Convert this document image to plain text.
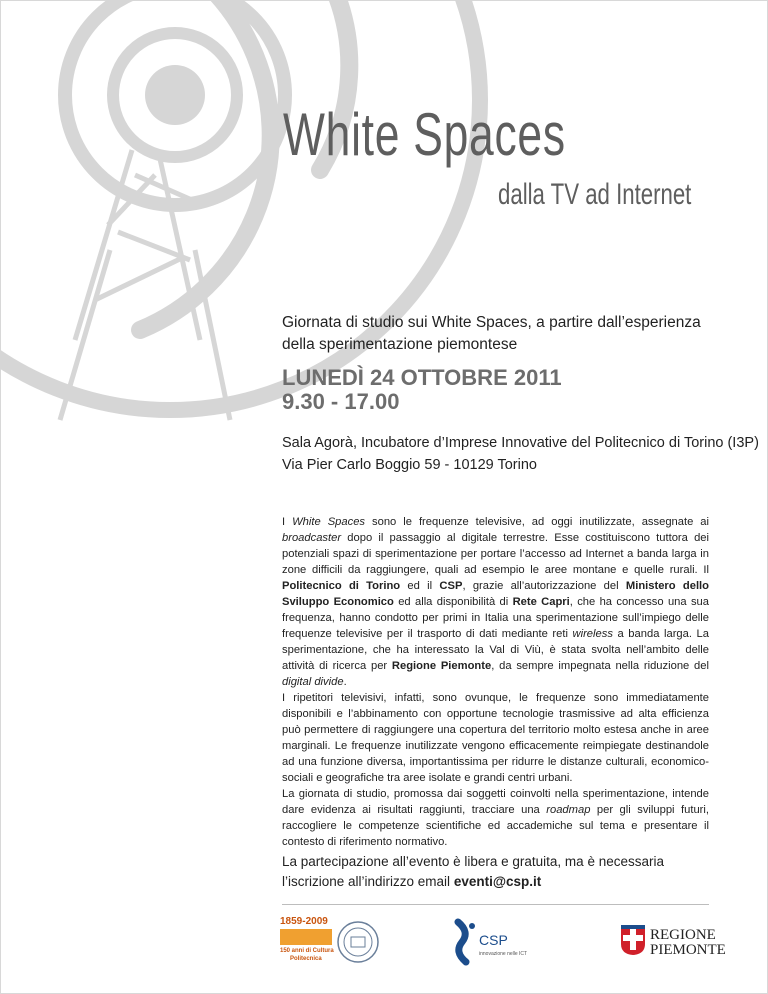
White Spaces
dalla TV ad Internet
Giornata di studio sui White Spaces, a partire dall’esperienza della sperimentazione piemontese
LUNEDÌ 24 OTTOBRE 2011
9.30 - 17.00
Sala Agorà, Incubatore d’Imprese Innovative del Politecnico di Torino (I3P)
Via Pier Carlo Boggio 59 - 10129 Torino

I White Spaces sono le frequenze televisive, ad oggi inutilizzate, assegnate ai broadcaster dopo il passaggio al digitale terrestre. Esse costituiscono tuttora dei potenziali spazi di sperimentazione per portare l’accesso ad Internet a banda larga in zone difficili da raggiungere, quali ad esempio le aree montane e quelle rurali. Il Politecnico di Torino ed il CSP, grazie all’autorizzazione del Ministero dello Sviluppo Economico ed alla disponibilità di Rete Capri, che ha concesso una sua frequenza, hanno condotto per primi in Italia una sperimentazione sull’impiego delle frequenze televisive per il trasporto di dati mediante reti wireless a banda larga. La sperimentazione, che ha interessato la Val di Viù, è stata svolta nell’ambito delle attività di ricerca per Regione Piemonte, da sempre impegnata nella riduzione del digital divide.

I ripetitori televisivi, infatti, sono ovunque, le frequenze sono immediatamente disponibili e l’abbinamento con opportune tecnologie trasmissive ad alta efficienza può permettere di raggiungere una copertura del territorio molto estesa anche in aree marginali. Le frequenze inutilizzate vengono efficacemente reimpiegate destinandole ad una funzione diversa, importantissima per ridurre le distanze culturali, economico-sociali e geografiche tra aree isolate e grandi centri urbani.

La giornata di studio, promossa dai soggetti coinvolti nella sperimentazione, intende dare evidenza ai risultati raggiunti, tracciare una roadmap per gli sviluppi futuri, raccogliere le competenze scientifiche ed accademiche sul tema e presentare il contesto di riferimento normativo.

La partecipazione all’evento è libera e gratuita, ma è necessaria l’iscrizione all’indirizzo email eventi@csp.it
1859-2009
150 anni di Cultura
Politecnica
CSP
innovazione nelle ICT
REGIONE
PIEMONTE
